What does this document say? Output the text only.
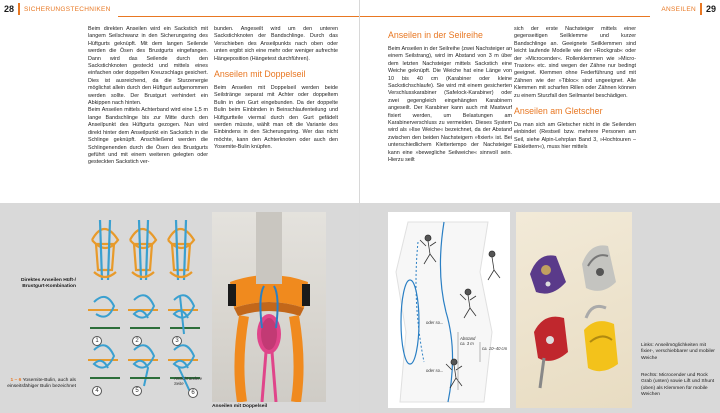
28	SICHERUNGSTECHNIKEN

Beim direkten Anseilen wird ein Sackstich mit langem Seilschwanz in den Sicherungsring des Hüftgurts geknüpft. Mit dem langen Seilende werden die Ösen des Brustgurts eingefangen. Dann wird das Seilende durch den Sackstichknoten gesteckt und mittels eines einfachen oder doppelten Kreuzschlags gesichert. Dies ist ausreichend, da die Sturzenergie möglichst allein durch den Hüftgurt aufgenommen werden sollte. Der Brustgurt verhindert ein Abkippen nach hinten.

Beim Anseilen mittels Achterband wird eine 1,5 m lange Bandschlinge bis zur Mitte durch den Anseilpunkt des Hüftgurts gezogen. Nun wird direkt hinter dem Anseilpunkt ein Sackstich in die Schlinge geknüpft. Anschließend werden die Schlingenenden durch die Ösen des Brustgurts geführt und mit einem weiteren gelegten oder gesteckten Sackstich ver-

bunden. Angeseilt wird um den unteren Sackstichknoten der Bandschlinge. Durch das Verschieben des Anseilpunkts nach oben oder unten ergibt sich eine mehr oder weniger aufrechte Hängeposition (Hängetest durchführen).

Anseilen mit Doppelseil

Beim Anseilen mit Doppelseil werden beide Seilstränge separat mit Achter oder doppeltem Bulin in den Gurt eingebunden. Da der doppelte Bulin beim Einbinden in Beinschlaufenteilung und Hüftgurtteile viermal durch den Gurt gefädelt werden müsste, wählt man oft die Variante des Einbindens in den Sicherungsring. Wer das nicht möchte, kann den Achterknoten oder auch den Yosemite-Bulin knüpfen.

Direktes Anseilen Hüft-/ Brustgurt-Kombination
1 – 6 Yosemite-Bulin, auch als einseitsfähiger Bulin bezeichnet
1	2	3
4	5	6
Ansicht andere Seite
Anseilen mit Doppelseil
ANSEILEN	29
Anseilen in der Seilreihe

Beim Anseilen in der Seilreihe (zwei Nachsteiger an einem Seilstrang), wird im Abstand von 3 m über dem letzten Nachsteiger mittels Sackstich eine Weiche geknüpft. Die Weiche hat eine Länge von 10 bis 40 cm (Karabiner oder kleine Sackstichschlaufe). Sie wird mit einem gesicherten Verschlusskarabiner (Safelock-Karabiner) oder zwei gegengleich eingehängten Karabinern angeseilt. Der Karabiner kann auch mit Mastwurf fixiert werden, um Belastungen am Karabinerverschluss zu vermeiden. Dieses System wird als »Ilse Weiche« bezeichnet, da der Abstand zwischen den beiden Nachsteigern »fixiert« ist. Bei unterschiedlichem Klettertempo der Nachsteiger kann eine »bewegliche Seilweiche« sinnvoll sein. Hierzu seilt

sich der erste Nachsteiger mittels einer gegenseitigen Seilklemme und kurzer Bandschlinge an. Geeignete Seilklemmen sind leicht laufende Modelle wie der »Rockgrab« oder der »Microcender«. Rollenklemmen wie »Micro-Traxion« etc. sind wegen der Zähne nur bedingt geeignet. Klemmen ohne Federführung und mit Zähnen wie der »Tibloc« sind ungeeignet. Alle Klemmen mit scharfen Rillen oder Zähnen können zu einem Sturzfall den Seilmantel beschädigen.

Anseilen am Gletscher

Da man sich am Gletscher nicht in die Seilenden einbindet (Restseil bzw. mehrere Personen am Seil, siehe Alpin-Lehrplan Band 3, »Hochtouren – Eisklettern«), muss hier mittels

oder so...
oder so...
Abstand ca. 3 m
ca. 10–40 cm
Links: Anseilmöglichkeiten mit fixier-, verschiebbarer und mobiler Weiche
Rechts: Microcender und Rock Grab (unten) sowie Lift und Shunt (oben) als Klemmen für mobile Weichen
